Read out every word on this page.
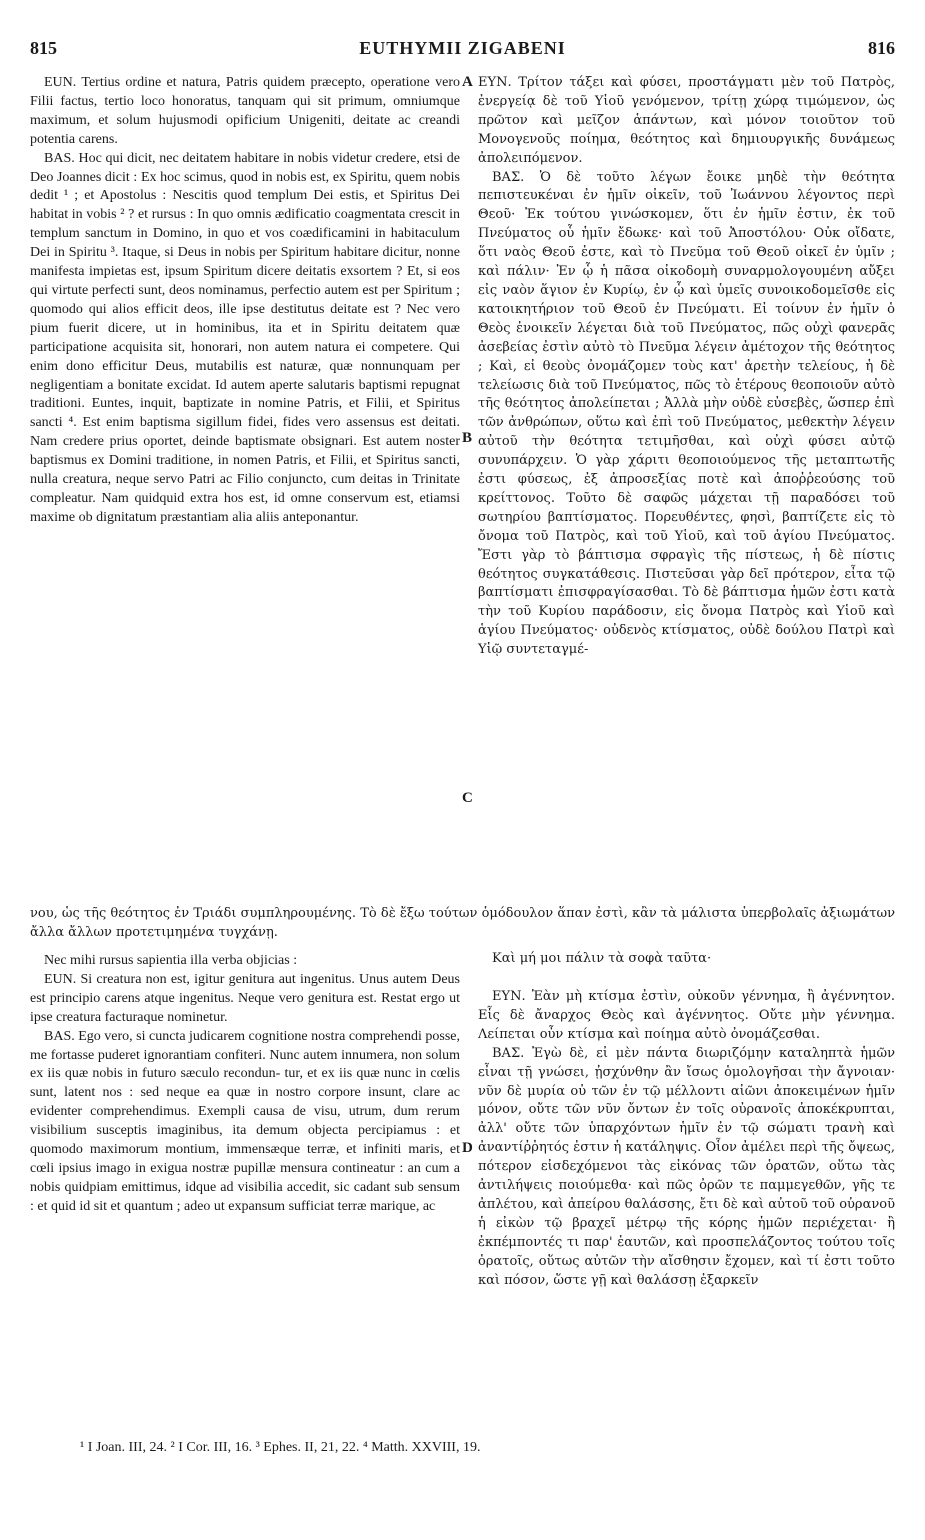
815	EUTHYMII ZIGABENI	816
A
B
C
D

EUN. Tertius ordine et natura, Patris quidem præcepto, operatione vero Filii factus, tertio loco honoratus, tanquam qui sit primum, omniumque maximum, et solum hujusmodi opificium Unigeniti, deitate ac creandi potentia carens.

BAS. Hoc qui dicit, nec deitatem habitare in nobis videtur credere, etsi de Deo Joannes dicit : Ex hoc scimus, quod in nobis est, ex Spiritu, quem nobis dedit ¹ ; et Apostolus : Nescitis quod templum Dei estis, et Spiritus Dei habitat in vobis ² ? et rursus : In quo omnis ædificatio coagmentata crescit in templum sanctum in Domino, in quo et vos coædificamini in habitaculum Dei in Spiritu ³. Itaque, si Deus in nobis per Spiritum habitare dicitur, nonne manifesta impietas est, ipsum Spiritum dicere deitatis exsortem ? Et, si eos qui virtute perfecti sunt, deos nominamus, perfectio autem est per Spiritum ; quomodo qui alios efficit deos, ille ipse destitutus deitate est ? Nec vero pium fuerit dicere, ut in hominibus, ita et in Spiritu deitatem quæ participatione acquisita sit, honorari, non autem natura ei competere. Qui enim dono efficitur Deus, mutabilis est naturæ, quæ nonnunquam per negligentiam a bonitate excidat. Id autem aperte salutaris baptismi repugnat traditioni. Euntes, inquit, baptizate in nomine Patris, et Filii, et Spiritus sancti ⁴. Est enim baptisma sigillum fidei, fides vero assensus est deitati. Nam credere prius oportet, deinde baptismate obsignari. Est autem noster baptismus ex Domini traditione, in nomen Patris, et Filii, et Spiritus sancti, nulla creatura, neque servo Patri ac Filio conjuncto, cum deitas in Trinitate compleatur. Nam quidquid extra hos est, id omne conservum est, etiamsi maxime ob dignitatum præstantiam alia aliis anteponantur.

ΕΥΝ. Τρίτον τάξει καὶ φύσει, προστάγματι μὲν τοῦ Πατρὸς, ἐνεργείᾳ δὲ τοῦ Υἱοῦ γενόμενον, τρίτῃ χώρᾳ τιμώμενον, ὡς πρῶτον καὶ μεῖζον ἁπάντων, καὶ μόνον τοιοῦτον τοῦ Μονογενοῦς ποίημα, θεότητος καὶ δημιουργικῆς δυνάμεως ἀπολειπόμενον.

ΒΑΣ. Ὁ δὲ τοῦτο λέγων ἔοικε μηδὲ τὴν θεότητα πεπιστευκέναι ἐν ἡμῖν οἰκεῖν, τοῦ Ἰωάννου λέγοντος περὶ Θεοῦ· Ἐκ τούτου γινώσκομεν, ὅτι ἐν ἡμῖν ἐστιν, ἐκ τοῦ Πνεύματος οὗ ἡμῖν ἔδωκε· καὶ τοῦ Ἀποστόλου· Οὐκ οἴδατε, ὅτι ναὸς Θεοῦ ἐστε, καὶ τὸ Πνεῦμα τοῦ Θεοῦ οἰκεῖ ἐν ὑμῖν ; καὶ πάλιν· Ἐν ᾧ ἡ πᾶσα οἰκοδομὴ συναρμολογουμένη αὔξει εἰς ναὸν ἅγιον ἐν Κυρίῳ, ἐν ᾧ καὶ ὑμεῖς συνοικοδομεῖσθε εἰς κατοικητήριον τοῦ Θεοῦ ἐν Πνεύματι. Εἰ τοίνυν ἐν ἡμῖν ὁ Θεὸς ἐνοικεῖν λέγεται διὰ τοῦ Πνεύματος, πῶς οὐχὶ φανερᾶς ἀσεβείας ἐστὶν αὐτὸ τὸ Πνεῦμα λέγειν ἀμέτοχον τῆς θεότητος ; Καὶ, εἰ θεοὺς ὀνομάζομεν τοὺς κατ' ἀρετὴν τελείους, ἡ δὲ τελείωσις διὰ τοῦ Πνεύματος, πῶς τὸ ἑτέρους θεοποιοῦν αὐτὸ τῆς θεότητος ἀπολείπεται ; Ἀλλὰ μὴν οὐδὲ εὐσεβὲς, ὥσπερ ἐπὶ τῶν ἀνθρώπων, οὕτω καὶ ἐπὶ τοῦ Πνεύματος, μεθεκτὴν λέγειν αὐτοῦ τὴν θεότητα τετιμῆσθαι, καὶ οὐχὶ φύσει αὐτῷ συνυπάρχειν. Ὁ γὰρ χάριτι θεοποιούμενος τῆς μεταπτωτῆς ἐστι φύσεως, ἐξ ἀπροσεξίας ποτὲ καὶ ἀποῤῥεούσης τοῦ κρείττονος. Τοῦτο δὲ σαφῶς μάχεται τῇ παραδόσει τοῦ σωτηρίου βαπτίσματος. Πορευθέντες, φησὶ, βαπτίζετε εἰς τὸ ὄνομα τοῦ Πατρὸς, καὶ τοῦ Υἱοῦ, καὶ τοῦ ἁγίου Πνεύματος. Ἔστι γὰρ τὸ βάπτισμα σφραγὶς τῆς πίστεως, ἡ δὲ πίστις θεότητος συγκατάθεσις. Πιστεῦσαι γὰρ δεῖ πρότερον, εἶτα τῷ βαπτίσματι ἐπισφραγίσασθαι. Τὸ δὲ βάπτισμα ἡμῶν ἐστι κατὰ τὴν τοῦ Κυρίου παράδοσιν, εἰς ὄνομα Πατρὸς καὶ Υἱοῦ καὶ ἁγίου Πνεύματος· οὐδενὸς κτίσματος, οὐδὲ δούλου Πατρὶ καὶ Υἱῷ συντεταγμέ-

νου, ὡς τῆς θεότητος ἐν Τριάδι συμπληρουμένης. Τὸ δὲ ἔξω τούτων ὁμόδουλον ἅπαν ἐστὶ, κἂν τὰ μάλιστα ὑπερβολαῖς ἀξιωμάτων ἄλλα ἄλλων προτετιμημένα τυγχάνῃ.

Καὶ μή μοι πάλιν τὰ σοφὰ ταῦτα·

Nec mihi rursus sapientia illa verba objicias :

EUN. Si creatura non est, igitur genitura aut ingenitus. Unus autem Deus est principio carens atque ingenitus. Neque vero genitura est. Restat ergo ut ipse creatura facturaque nominetur.

BAS. Ego vero, si cuncta judicarem cognitione nostra comprehendi posse, me fortasse puderet ignorantiam confiteri. Nunc autem innumera, non solum ex iis quæ nobis in futuro sæculo recondun- tur, et ex iis quæ nunc in cœlis sunt, latent nos : sed neque ea quæ in nostro corpore insunt, clare ac evidenter comprehendimus. Exempli causa de visu, utrum, dum rerum visibilium susceptis imaginibus, ita demum objecta percipiamus : et quomodo maximorum montium, immensæque terræ, et infiniti maris, et cœli ipsius imago in exigua nostræ pupillæ mensura contineatur : an cum a nobis quidpiam emittimus, idque ad visibilia accedit, sic cadant sub sensum : et quid id sit et quantum ; adeo ut expansum sufficiat terræ marique, ac

ΕΥΝ. Ἐὰν μὴ κτίσμα ἐστὶν, οὐκοῦν γέννημα, ἢ ἀγέννητον. Εἷς δὲ ἄναρχος Θεὸς καὶ ἀγέννητος. Οὔτε μὴν γέννημα. Λείπεται οὖν κτίσμα καὶ ποίημα αὐτὸ ὀνομάζεσθαι.

ΒΑΣ. Ἐγὼ δὲ, εἰ μὲν πάντα διωριζόμην καταληπτὰ ἡμῶν εἶναι τῇ γνώσει, ᾐσχύνθην ἂν ἴσως ὁμολογῆσαι τὴν ἄγνοιαν· νῦν δὲ μυρία οὐ τῶν ἐν τῷ μέλλοντι αἰῶνι ἀποκειμένων ἡμῖν μόνον, οὔτε τῶν νῦν ὄντων ἐν τοῖς οὐρανοῖς ἀποκέκρυπται, ἀλλ' οὔτε τῶν ὑπαρχόντων ἡμῖν ἐν τῷ σώματι τρανὴ καὶ ἀναντίῤῥητός ἐστιν ἡ κατάληψις. Οἷον ἀμέλει περὶ τῆς ὄψεως, πότερον εἰσδεχόμενοι τὰς εἰκόνας τῶν ὁρατῶν, οὕτω τὰς ἀντιλήψεις ποιούμεθα· καὶ πῶς ὀρῶν τε παμμεγεθῶν, γῆς τε ἀπλέτου, καὶ ἀπείρου θαλάσσης, ἔτι δὲ καὶ αὐτοῦ τοῦ οὐρανοῦ ἡ εἰκὼν τῷ βραχεῖ μέτρῳ τῆς κόρης ἡμῶν περιέχεται· ἢ ἐκπέμποντές τι παρ' ἑαυτῶν, καὶ προσπελάζοντος τούτου τοῖς ὁρατοῖς, οὕτως αὐτῶν τὴν αἴσθησιν ἔχομεν, καὶ τί ἐστι τοῦτο καὶ πόσον, ὥστε γῇ καὶ θαλάσσῃ ἐξαρκεῖν

¹ I Joan. III, 24. ² I Cor. III, 16. ³ Ephes. II, 21, 22. ⁴ Matth. XXVIII, 19.
